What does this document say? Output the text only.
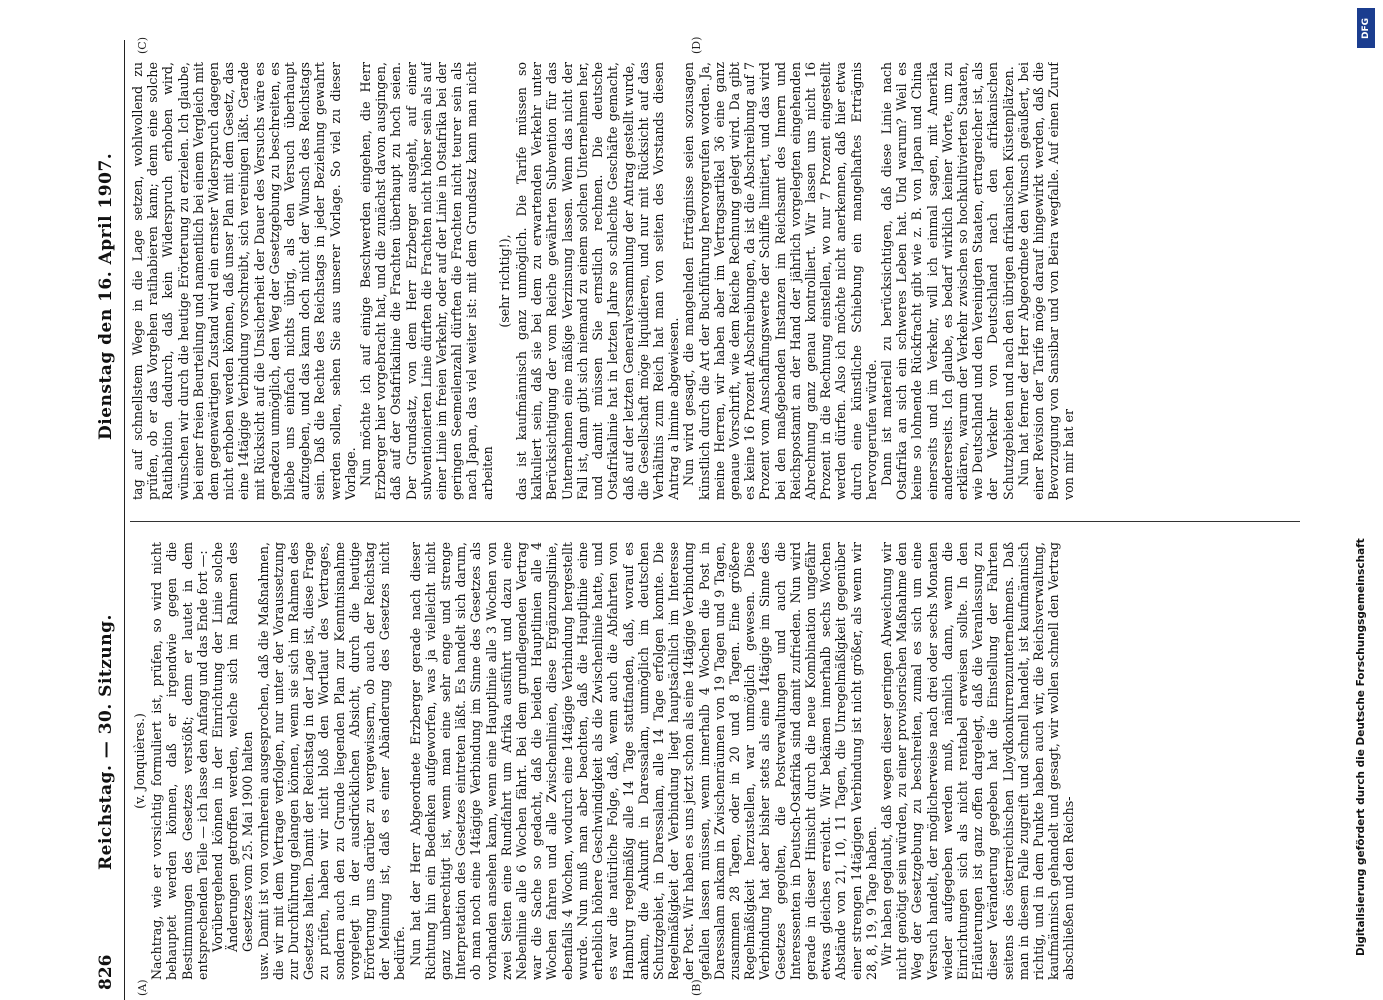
826
Reichstag. — 30. Sitzung.
Dienstag den 16. April 1907.
(A)	(B)
(C)	(D)

(v. Jonquières.) Nachtrag, wie er vorsichtig formuliert ist, prüfen, so wird nicht behauptet werden können, daß er irgendwie gegen die Bestimmungen des Gesetzes verstößt; denn er lautet in dem entsprechenden Teile — ich lasse den Anfang und das Ende fort —: Vorübergehend können in der Einrichtung der Linie solche Änderungen getroffen werden, welche sich im Rahmen des Gesetzes vom 25. Mai 1900 halten usw. Damit ist von vornherein ausgesprochen, daß die Maßnahmen, die wir mit dem Vertrage verfolgen, nur unter der Voraussetzung zur Durchführung gelangen können, wenn sie sich im Rahmen des Gesetzes halten. Damit der Reichstag in der Lage ist, diese Frage zu prüfen, haben wir nicht bloß den Wortlaut des Vertrages, sondern auch den zu Grunde liegenden Plan zur Kenntnisnahme vorgelegt in der ausdrücklichen Absicht, durch die heutige Erörterung uns darüber zu vergewissern, ob auch der Reichstag der Meinung ist, daß es einer Abänderung des Gesetzes nicht bedürfe. Nun hat der Herr Abgeordnete Erzberger gerade nach dieser Richtung hin ein Bedenken aufgeworfen, was ja vielleicht nicht ganz unberechtigt ist, wenn man eine sehr enge und strenge Interpretation des Gesetzes eintreten läßt. Es handelt sich darum, ob man noch eine 14tägige Verbindung im Sinne des Gesetzes als vorhanden ansehen kann, wenn eine Hauptlinie alle 3 Wochen von zwei Seiten eine Rundfahrt um Afrika ausführt und dazu eine Nebenlinie alle 6 Wochen fährt. Bei dem grundlegenden Vertrag war die Sache so gedacht, daß die beiden Hauptlinien alle 4 Wochen fahren und alle Zwischenlinien, diese Ergänzungslinie, ebenfalls 4 Wochen, wodurch eine 14tägige Verbindung hergestellt wurde. Nun muß man aber beachten, daß die Hauptlinie eine erheblich höhere Geschwindigkeit als die Zwischenlinie hatte, und es war die natürliche Folge, daß, wenn auch die Abfahrten von Hamburg regelmäßig alle 14 Tage stattfanden, daß, worauf es ankam, die Ankunft in Daressalam, unmöglich im deutschen Schutzgebiet, in Daressalam, alle 14 Tage erfolgen konnte. Die Regelmäßigkeit der Verbindung liegt hauptsächlich im Interesse der Post. Wir haben es uns jetzt schon als eine 14tägige Verbindung gefallen lassen müssen, wenn innerhalb 4 Wochen die Post in Daressalam ankam in Zwischenräumen von 19 Tagen und 9 Tagen, zusammen 28 Tagen, oder in 20 und 8 Tagen. Eine größere Regelmäßigkeit herzustellen, war unmöglich gewesen. Diese Verbindung hat aber bisher stets als eine 14tägige im Sinne des Gesetzes gegolten, die Postverwaltungen und auch die Interessenten in Deutsch-Ostafrika sind damit zufrieden. Nun wird gerade in dieser Hinsicht durch die neue Kombination ungefähr etwas gleiches erreicht. Wir bekämen innerhalb sechs Wochen Abstände von 21, 10, 11 Tagen, die Unregelmäßigkeit gegenüber einer strengen 14tägigen Verbindung ist nicht größer, als wenn wir 28, 8, 19, 9 Tage haben. Wir haben geglaubt, daß wegen dieser geringen Abweichung wir nicht genötigt sein würden, zu einer provisorischen Maßnahme den Weg der Gesetzgebung zu beschreiten, zumal es sich um eine Versuch handelt, der möglicherweise nach drei oder sechs Monaten wieder aufgegeben werden muß, nämlich dann, wenn die Einrichtungen sich als nicht rentabel erweisen sollte. In den Erläuterungen ist ganz offen dargelegt, daß die Veranlassung zu dieser Veränderung gegeben hat die Einstellung der Fahrten seitens des österreichischen Lloydkonkurrenzunternehmens. Daß man in diesem Falle zugreift und schnell handelt, ist kaufmännisch richtig, und in dem Punkte haben auch wir, die Reichsverwaltung, kaufmännisch gehandelt und gesagt, wir wollen schnell den Vertrag abschließen und den Reichs-

tag auf schnellstem Wege in die Lage setzen, wohlwollend zu prüfen, ob er das Vorgehen ratihabieren kann; denn eine solche Ratihabition dadurch, daß kein Widerspruch erhoben wird, wünschen wir durch die heutige Erörterung zu erzielen. Ich glaube, bei einer freien Beurteilung und namentlich bei einem Vergleich mit dem gegenwärtigen Zustand wird ein ernster Widerspruch dagegen nicht erhoben werden können, daß unser Plan mit dem Gesetz, das eine 14tägige Verbindung vorschreibt, sich vereinigen läßt. Gerade mit Rücksicht auf die Unsicherheit der Dauer des Versuchs wäre es geradezu unmöglich, den Weg der Gesetzgebung zu beschreiten, es bliebe uns einfach nichts übrig, als den Versuch überhaupt aufzugeben, und das kann doch nicht der Wunsch des Reichstags sein. Daß die Rechte des Reichstags in jeder Beziehung gewahrt werden sollen, sehen Sie aus unserer Vorlage. So viel zu dieser Vorlage. Nun möchte ich auf einige Beschwerden eingehen, die Herr Erzberger hier vorgebracht hat, und die zunächst davon ausgingen, daß auf der Ostafrikalinie die Frachten überhaupt zu hoch seien. Der Grundsatz, von dem Herr Erzberger ausgeht, auf einer subventionierten Linie dürften die Frachten nicht höher sein als auf einer Linie im freien Verkehr, oder auf der Linie in Ostafrika bei der geringen Seemeilenzahl dürften die Frachten nicht teurer sein als nach Japan, das viel weiter ist: mit dem Grundsatz kann man nicht arbeiten

(sehr richtig!), das ist kaufmännisch ganz unmöglich. Die Tarife müssen so kalkuliert sein, daß sie bei dem zu erwartenden Verkehr unter Berücksichtigung der vom Reiche gewährten Subvention für das Unternehmen eine mäßige Verzinsung lassen. Wenn das nicht der Fall ist, dann gibt sich niemand zu einem solchen Unternehmen her, und damit müssen Sie ernstlich rechnen. Die deutsche Ostafrikalinie hat in letzten Jahre so schlechte Geschäfte gemacht, daß auf der letzten Generalversammlung der Antrag gestellt wurde, die Gesellschaft möge liquidieren, und nur mit Rücksicht auf das Verhältnis zum Reich hat man von seiten des Vorstands diesen Antrag a limine abgewiesen. Nun wird gesagt, die mangelnden Erträgnisse seien sozusagen künstlich durch die Art der Buchführung hervorgerufen worden. Ja, meine Herren, wir haben aber im Vertragsartikel 36 eine ganz genaue Vorschrift, wie dem Reiche Rechnung gelegt wird. Da gibt es keine 16 Prozent Abschreibungen, da ist die Abschreibung auf 7 Prozent vom Anschaffungswerte der Schiffe limitiert, und das wird bei den maßgebenden Instanzen im Reichsamt des Innern und Reichspostamt an der Hand der jährlich vorgelegten eingehenden Abrechnung ganz genau kontrolliert. Wir lassen uns nicht 16 Prozent in die Rechnung einstellen, wo nur 7 Prozent eingestellt werden dürfen. Also ich möchte nicht anerkennen, daß hier etwa durch eine künstliche Schiebung ein mangelhaftes Erträgnis hervorgerufen würde. Dann ist materiell zu berücksichtigen, daß diese Linie nach Ostafrika an sich ein schweres Leben hat. Und warum? Weil es keine so lohnende Rückfracht gibt wie z. B. von Japan und China einerseits und im Verkehr, will ich einmal sagen, mit Amerika andererseits. Ich glaube, es bedarf wirklich keiner Worte, um zu erklären, warum der Verkehr zwischen so hochkultivierten Staaten, wie Deutschland und den Vereinigten Staaten, ertragreicher ist, als der Verkehr von Deutschland nach den afrikanischen Schutzgebieten und nach den übrigen afrikanischen Küstenplätzen. Nun hat ferner der Herr Abgeordnete den Wunsch geäußert, bei einer Revision der Tarife möge darauf hingewirkt werden, daß die Bevorzugung von Sansibar und von Beira wegfalle. Auf einen Zuruf von mir hat er

DFG
Digitalisierung gefördert durch die Deutsche Forschungsgemeinschaft
